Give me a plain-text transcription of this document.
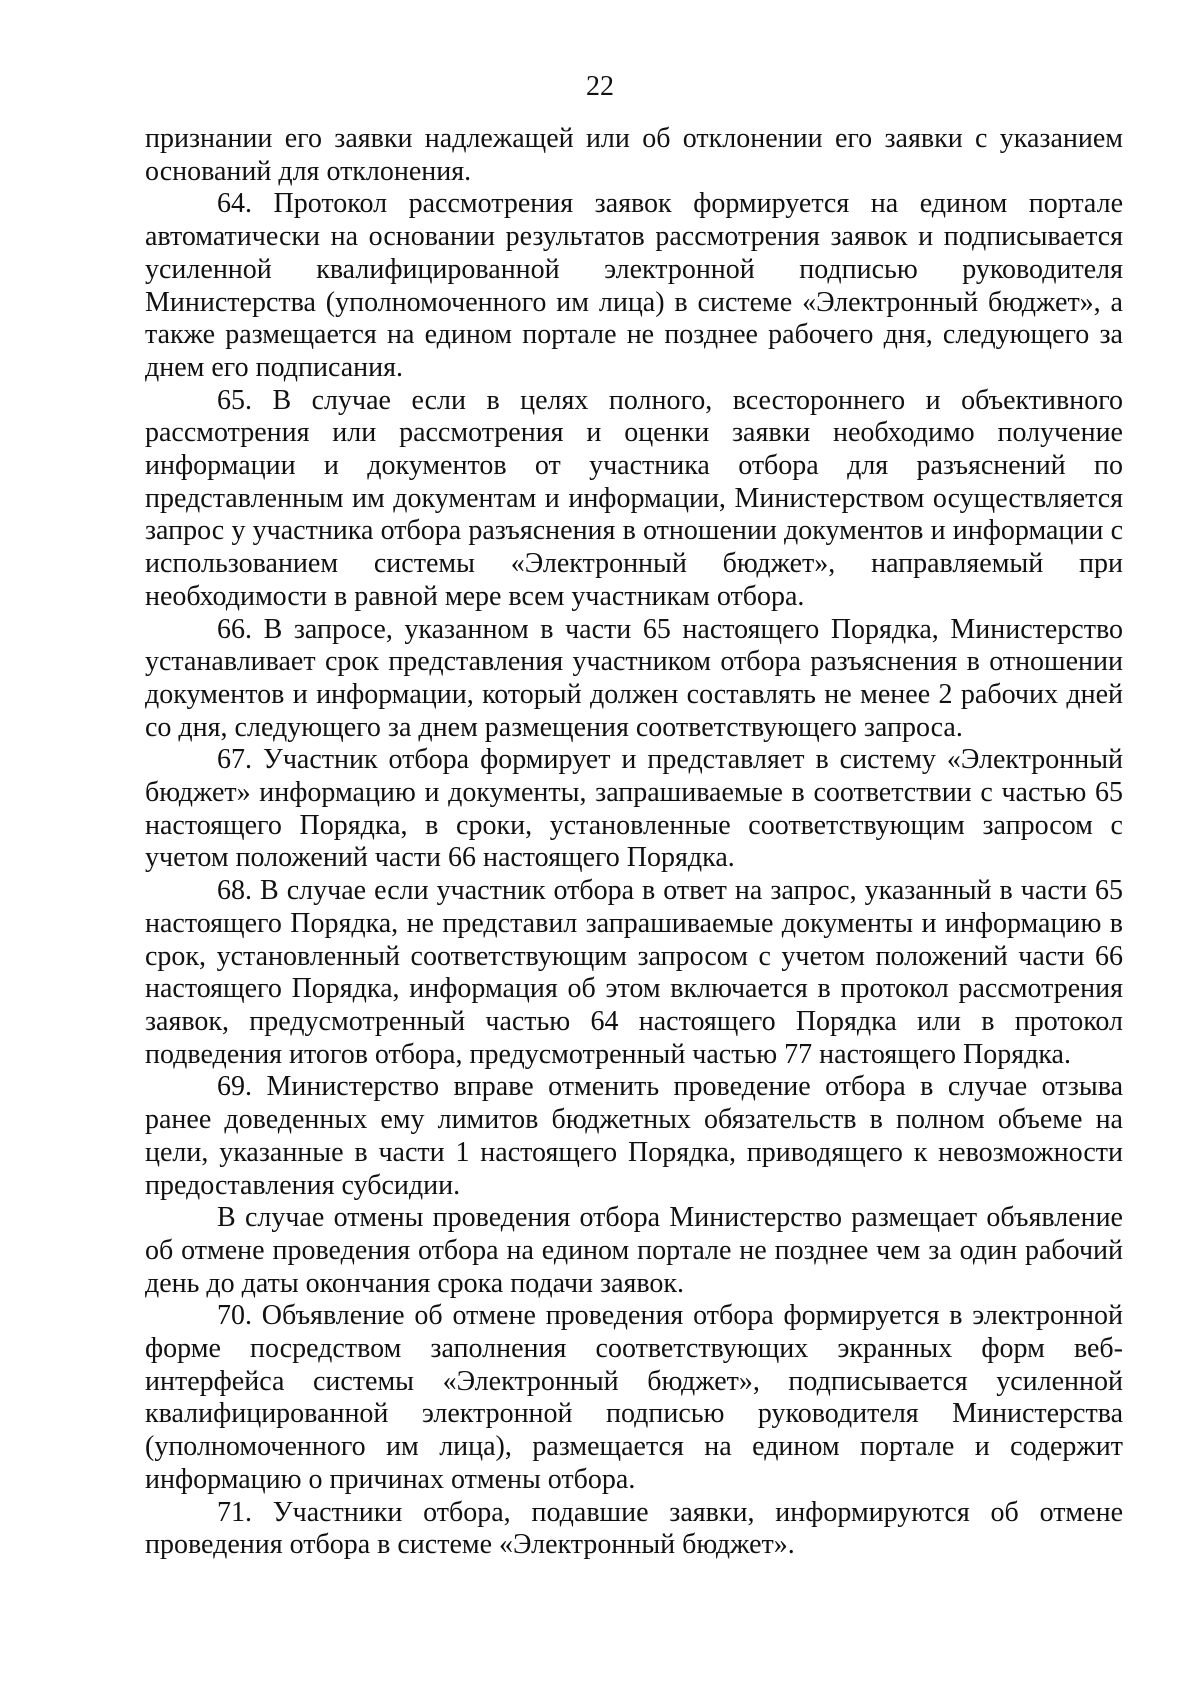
22

признании его заявки надлежащей или об отклонении его заявки с указанием оснований для отклонения.

64. Протокол рассмотрения заявок формируется на едином портале автоматически на основании результатов рассмотрения заявок и подписывается усиленной квалифицированной электронной подписью руководителя Министерства (уполномоченного им лица) в системе «Электронный бюджет», а также размещается на едином портале не позднее рабочего дня, следующего за днем его подписания.

65. В случае если в целях полного, всестороннего и объективного рассмотрения или рассмотрения и оценки заявки необходимо получение информации и документов от участника отбора для разъяснений по представленным им документам и информации, Министерством осуществляется запрос у участника отбора разъяснения в отношении документов и информации с использованием системы «Электронный бюджет», направляемый при необходимости в равной мере всем участникам отбора.

66. В запросе, указанном в части 65 настоящего Порядка, Министерство устанавливает срок представления участником отбора разъяснения в отношении документов и информации, который должен составлять не менее 2 рабочих дней со дня, следующего за днем размещения соответствующего запроса.

67. Участник отбора формирует и представляет в систему «Электронный бюджет» информацию и документы, запрашиваемые в соответствии с частью 65 настоящего Порядка, в сроки, установленные соответствующим запросом с учетом положений части 66 настоящего Порядка.

68. В случае если участник отбора в ответ на запрос, указанный в части 65 настоящего Порядка, не представил запрашиваемые документы и информацию в срок, установленный соответствующим запросом с учетом положений части 66 настоящего Порядка, информация об этом включается в протокол рассмотрения заявок, предусмотренный частью 64 настоящего Порядка или в протокол подведения итогов отбора, предусмотренный частью 77 настоящего Порядка.

69. Министерство вправе отменить проведение отбора в случае отзыва ранее доведенных ему лимитов бюджетных обязательств в полном объеме на цели, указанные в части 1 настоящего Порядка, приводящего к невозможности предоставления субсидии.

В случае отмены проведения отбора Министерство размещает объявление об отмене проведения отбора на едином портале не позднее чем за один рабочий день до даты окончания срока подачи заявок.

70. Объявление об отмене проведения отбора формируется в электронной форме посредством заполнения соответствующих экранных форм веб-интерфейса системы «Электронный бюджет», подписывается усиленной квалифицированной электронной подписью руководителя Министерства (уполномоченного им лица), размещается на едином портале и содержит информацию о причинах отмены отбора.

71. Участники отбора, подавшие заявки, информируются об отмене проведения отбора в системе «Электронный бюджет».
